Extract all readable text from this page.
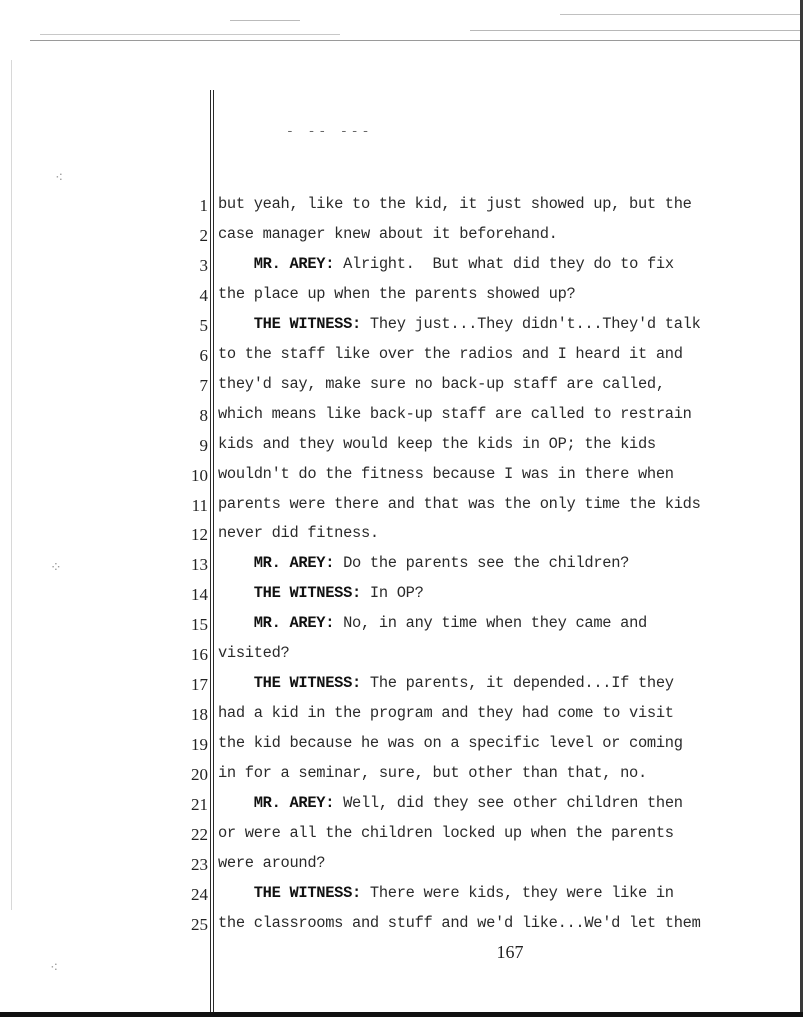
⁖
⁘
⁖
- -- ---
1 but yeah, like to the kid, it just showed up, but the
2 case manager knew about it beforehand.
3	MR. AREY: Alright.  But what did they do to fix
4 the place up when the parents showed up?
5	THE WITNESS: They just...They didn't...They'd talk
6 to the staff like over the radios and I heard it and
7 they'd say, make sure no back-up staff are called,
8 which means like back-up staff are called to restrain
9 kids and they would keep the kids in OP; the kids
10 wouldn't do the fitness because I was in there when
11 parents were there and that was the only time the kids
12 never did fitness.
13	MR. AREY: Do the parents see the children?
14	THE WITNESS: In OP?
15	MR. AREY: No, in any time when they came and
16 visited?
17	THE WITNESS: The parents, it depended...If they
18 had a kid in the program and they had come to visit
19 the kid because he was on a specific level or coming
20 in for a seminar, sure, but other than that, no.
21	MR. AREY: Well, did they see other children then
22 or were all the children locked up when the parents
23 were around?
24	THE WITNESS: There were kids, they were like in
25 the classrooms and stuff and we'd like...We'd let them
167
